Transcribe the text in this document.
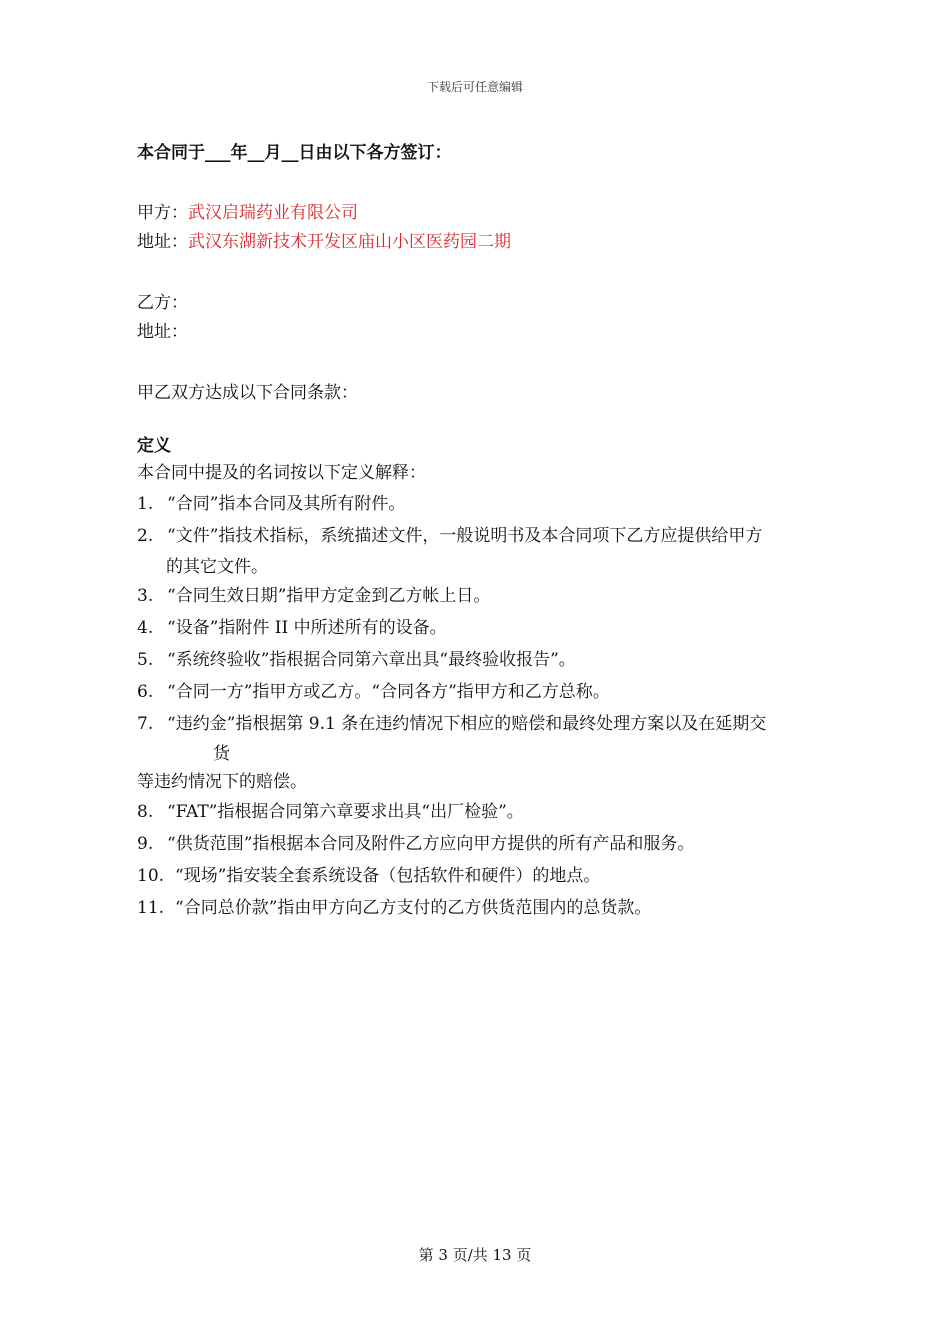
下载后可任意编辑
本合同于___年__月__日由以下各方签订：
甲方：武汉启瑞药业有限公司
地址：武汉东湖新技术开发区庙山小区医药园二期
乙方：
地址：
甲乙双方达成以下合同条款：
定义
本合同中提及的名词按以下定义解释：
1. “合同”指本合同及其所有附件。
2. “文件”指技术指标，系统描述文件，一般说明书及本合同项下乙方应提供给甲方
的其它文件。
3. “合同生效日期”指甲方定金到乙方帐上日。
4. “设备”指附件 II 中所述所有的设备。
5. “系统终验收”指根据合同第六章出具“最终验收报告”。
6. “合同一方”指甲方或乙方。“合同各方”指甲方和乙方总称。
7. “违约金”指根据第 9.1 条在违约情况下相应的赔偿和最终处理方案以及在延期交
货
等违约情况下的赔偿。
8. “FAT”指根据合同第六章要求出具“出厂检验”。
9. “供货范围”指根据本合同及附件乙方应向甲方提供的所有产品和服务。
10. “现场”指安装全套系统设备（包括软件和硬件）的地点。
11. “合同总价款”指由甲方向乙方支付的乙方供货范围内的总货款。
第 3 页/共 13 页
